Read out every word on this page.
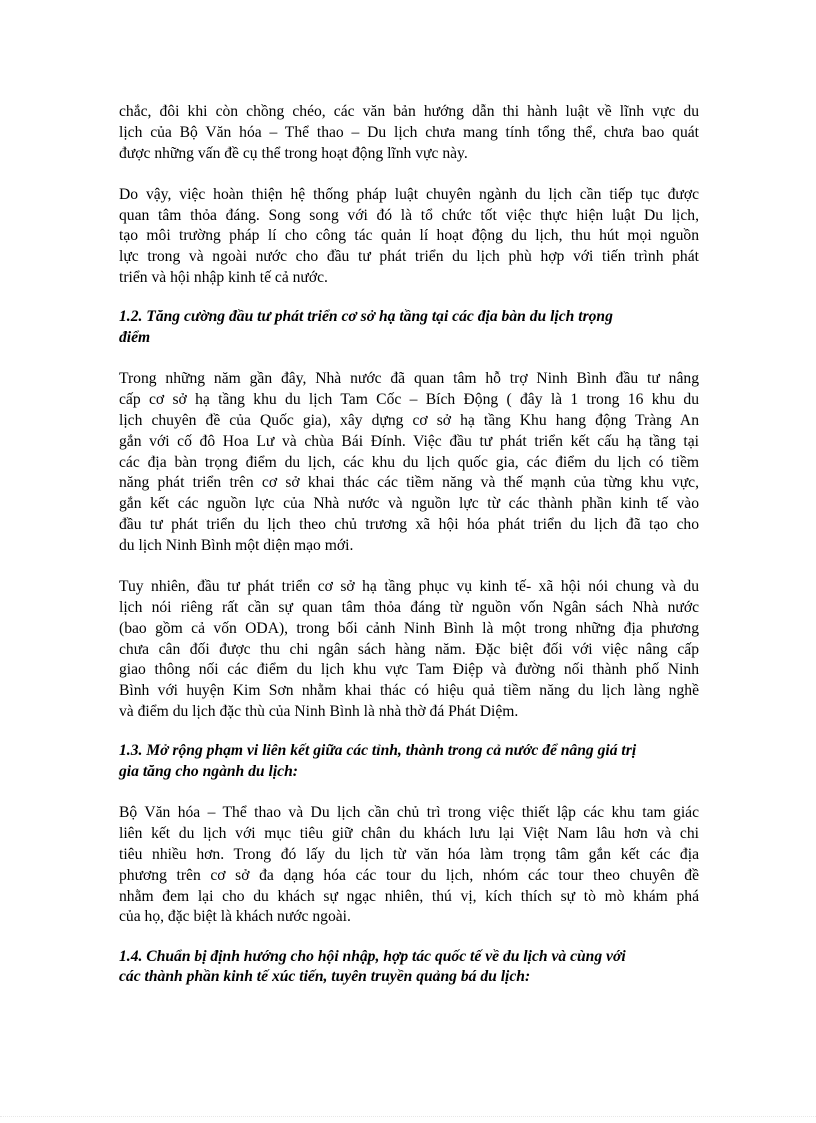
chắc, đôi khi còn chồng chéo, các văn bản hướng dẫn thi hành luật về lĩnh vực du
lịch của Bộ Văn hóa – Thể thao – Du lịch chưa mang tính tổng thể, chưa bao quát
được những vấn đề cụ thể trong hoạt động lĩnh vực này.

Do vậy, việc hoàn thiện hệ thống pháp luật chuyên ngành du lịch cần tiếp tục được
quan tâm thỏa đáng. Song song với đó là tổ chức tốt việc thực hiện luật Du lịch,
tạo môi trường pháp lí cho công tác quản lí hoạt động du lịch, thu hút mọi nguồn
lực trong và ngoài nước cho đầu tư phát triển du lịch phù hợp với tiến trình phát
triển và hội nhập kinh tế cả nước.

1.2. Tăng cường đầu tư phát triển cơ sở hạ tầng tại các địa bàn du lịch trọng
điểm

Trong những năm gần đây, Nhà nước đã quan tâm hỗ trợ Ninh Bình đầu tư nâng
cấp cơ sở hạ tầng khu du lịch Tam Cốc – Bích Động ( đây là 1 trong 16 khu du
lịch chuyên đề của Quốc gia), xây dựng cơ sở hạ tầng Khu hang động Tràng An
gắn với cố đô Hoa Lư và chùa Bái Đính. Việc đầu tư phát triển kết cấu hạ tầng tại
các địa bàn trọng điểm du lịch, các khu du lịch quốc gia, các điểm du lịch có tiềm
năng phát triển trên cơ sở khai thác các tiềm năng và thế mạnh của từng khu vực,
gắn kết các nguồn lực của Nhà nước và nguồn lực từ các thành phần kinh tế vào
đầu tư phát triển du lịch theo chủ trương xã hội hóa phát triển du lịch đã tạo cho
du lịch Ninh Bình một diện mạo mới.

Tuy nhiên, đầu tư phát triển cơ sở hạ tầng phục vụ kinh tế- xã hội nói chung và du
lịch nói riêng rất cần sự quan tâm thỏa đáng từ nguồn vốn Ngân sách Nhà nước
(bao gồm cả vốn ODA), trong bối cảnh Ninh Bình là một trong những địa phương
chưa cân đối được thu chi ngân sách hàng năm. Đặc biệt đối với việc nâng cấp
giao thông nối các điểm du lịch khu vực Tam Điệp và đường nối thành phố Ninh
Bình với huyện Kim Sơn nhằm khai thác có hiệu quả tiềm năng du lịch làng nghề
và điểm du lịch đặc thù của Ninh Bình là nhà thờ đá Phát Diệm.

1.3. Mở rộng phạm vi liên kết giữa các tỉnh, thành trong cả nước để nâng giá trị
gia tăng cho ngành du lịch:

Bộ Văn hóa – Thể thao và Du lịch cần chủ trì trong việc thiết lập các khu tam giác
liên kết du lịch với mục tiêu giữ chân du khách lưu lại Việt Nam lâu hơn và chi
tiêu nhiều hơn. Trong đó lấy du lịch từ văn hóa làm trọng tâm gắn kết các địa
phương trên cơ sở đa dạng hóa các tour du lịch, nhóm các tour theo chuyên đề
nhằm đem lại cho du khách sự ngạc nhiên, thú vị, kích thích sự tò mò khám phá
của họ, đặc biệt là khách nước ngoài.

1.4. Chuẩn bị định hướng cho hội nhập, hợp tác quốc tế về du lịch và cùng với
các thành phần kinh tế xúc tiến, tuyên truyền quảng bá du lịch:
